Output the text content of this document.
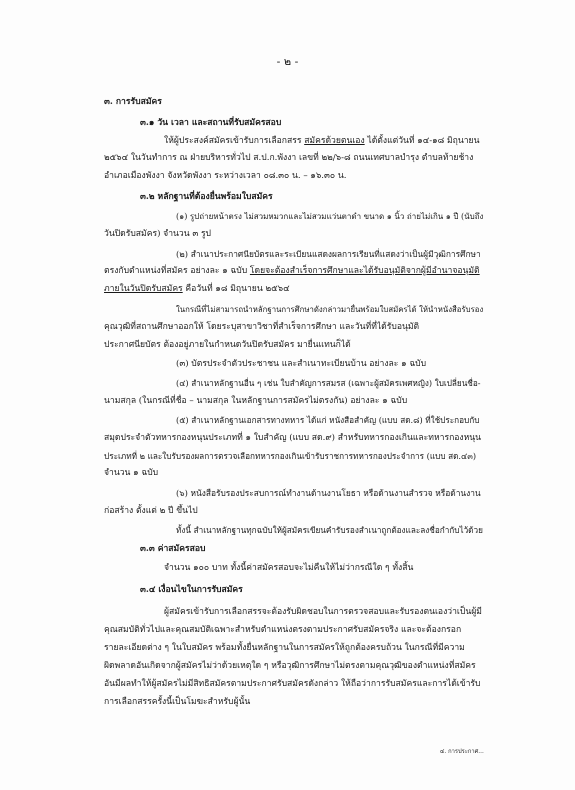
- ๒ -
๓. การรับสมัคร
๓.๑ วัน เวลา และสถานที่รับสมัครสอบ
ให้ผู้ประสงค์สมัครเข้ารับการเลือกสรร สมัครด้วยตนเอง ได้ตั้งแต่วันที่ ๑๔-๑๘ มิถุนายน
๒๕๖๔ ในวันทำการ ณ ฝ่ายบริหารทั่วไป ส.ป.ก.พังงา เลขที่ ๒๒/๖-๘ ถนนเทศบาลบำรุง ตำบลท้ายช้าง
อำเภอเมืองพังงา จังหวัดพังงา ระหว่างเวลา ๐๘.๓๐ น. – ๑๖.๓๐ น.
๓.๒ หลักฐานที่ต้องยื่นพร้อมใบสมัคร
(๑) รูปถ่ายหน้าตรง ไม่สวมหมวกและไม่สวมแว่นตาดำ ขนาด ๑ นิ้ว ถ่ายไม่เกิน ๑ ปี (นับถึง
วันปิดรับสมัคร) จำนวน ๓ รูป
(๒) สำเนาประกาศนียบัตรและระเบียนแสดงผลการเรียนที่แสดงว่าเป็นผู้มีวุฒิการศึกษา
ตรงกับตำแหน่งที่สมัคร อย่างละ ๑ ฉบับ โดยจะต้องสำเร็จการศึกษาและได้รับอนุมัติจากผู้มีอำนาจอนุมัติ
ภายในวันปิดรับสมัคร คือวันที่ ๑๘ มิถุนายน ๒๕๖๔
ในกรณีที่ไม่สามารถนำหลักฐานการศึกษาดังกล่าวมายื่นพร้อมใบสมัครได้ ให้นำหนังสือรับรอง
คุณวุฒิที่สถานศึกษาออกให้ โดยระบุสาขาวิชาที่สำเร็จการศึกษา และวันที่ที่ได้รับอนุมัติ
ประกาศนียบัตร ต้องอยู่ภายในกำหนดวันปิดรับสมัคร มายื่นแทนก็ได้
(๓) บัตรประจำตัวประชาชน และสำเนาทะเบียนบ้าน อย่างละ ๑ ฉบับ
(๔) สำเนาหลักฐานอื่น ๆ เช่น ใบสำคัญการสมรส (เฉพาะผู้สมัครเพศหญิง) ใบเปลี่ยนชื่อ-
นามสกุล (ในกรณีที่ชื่อ – นามสกุล ในหลักฐานการสมัครไม่ตรงกัน) อย่างละ ๑ ฉบับ
(๕) สำเนาหลักฐานเอกสารทางทหาร ได้แก่ หนังสือสำคัญ (แบบ สด.๘) ที่ใช้ประกอบกับ
สมุดประจำตัวทหารกองหนุนประเภทที่ ๑ ใบสำคัญ (แบบ สด.๙) สำหรับทหารกองเกินและทหารกองหนุน
ประเภทที่ ๒ และใบรับรองผลการตรวจเลือกทหารกองเกินเข้ารับราชการทหารกองประจำการ (แบบ สด.๔๓)
จำนวน ๑ ฉบับ
(๖) หนังสือรับรองประสบการณ์ทำงานด้านงานโยธา หรือด้านงานสำรวจ หรือด้านงาน
ก่อสร้าง ตั้งแต่ ๒ ปี ขึ้นไป
ทั้งนี้ สำเนาหลักฐานทุกฉบับให้ผู้สมัครเขียนคำรับรองสำเนาถูกต้องและลงชื่อกำกับไว้ด้วย
๓.๓ ค่าสมัครสอบ
จำนวน ๑๐๐ บาท ทั้งนี้ค่าสมัครสอบจะไม่คืนให้ไม่ว่ากรณีใด ๆ ทั้งสิ้น
๓.๔ เงื่อนไขในการรับสมัคร
ผู้สมัครเข้ารับการเลือกสรรจะต้องรับผิดชอบในการตรวจสอบและรับรองตนเองว่าเป็นผู้มี
คุณสมบัติทั่วไปและคุณสมบัติเฉพาะสำหรับตำแหน่งตรงตามประกาศรับสมัครจริง และจะต้องกรอก
รายละเอียดต่าง ๆ ในใบสมัคร พร้อมทั้งยื่นหลักฐานในการสมัครให้ถูกต้องครบถ้วน ในกรณีที่มีความ
ผิดพลาดอันเกิดจากผู้สมัครไม่ว่าด้วยเหตุใด ๆ หรือวุฒิการศึกษาไม่ตรงตามคุณวุฒิของตำแหน่งที่สมัคร
อันมีผลทำให้ผู้สมัครไม่มีสิทธิสมัครตามประกาศรับสมัครดังกล่าว ให้ถือว่าการรับสมัครและการได้เข้ารับ
การเลือกสรรครั้งนี้เป็นโมฆะสำหรับผู้นั้น
๔. การประกาศ...
